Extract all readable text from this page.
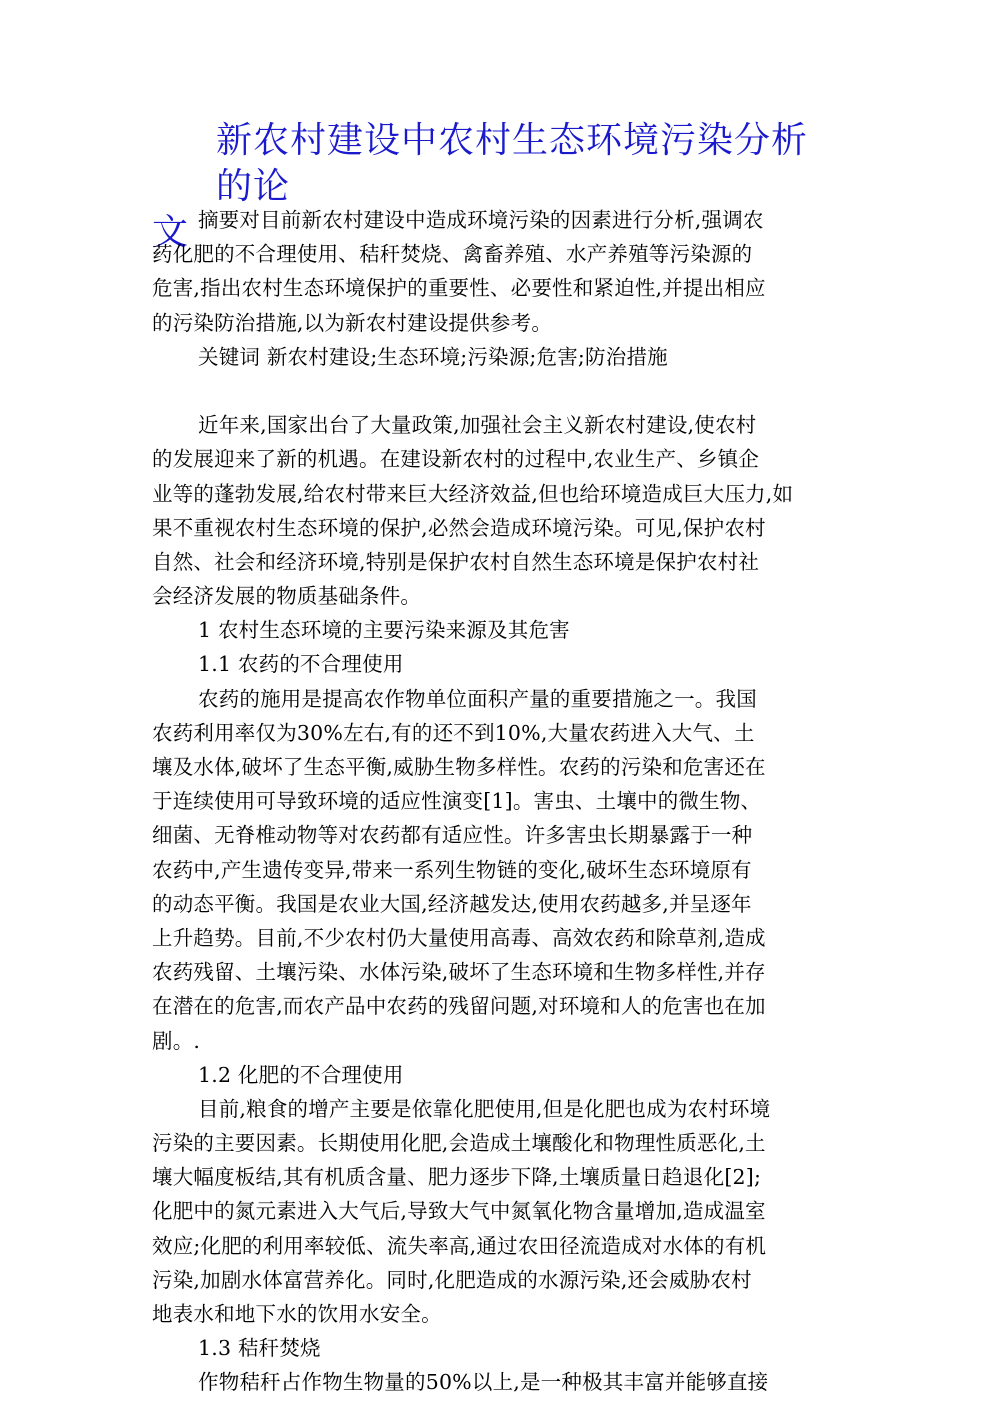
新农村建设中农村生态环境污染分析的论
文 摘要对目前新农村建设中造成环境污染的因素进行分析,强调农
药化肥的不合理使用、秸秆焚烧、禽畜养殖、水产养殖等污染源的
危害,指出农村生态环境保护的重要性、必要性和紧迫性,并提出相应
的污染防治措施,以为新农村建设提供参考。
关键词 新农村建设;生态环境;污染源;危害;防治措施
近年来,国家出台了大量政策,加强社会主义新农村建设,使农村
的发展迎来了新的机遇。在建设新农村的过程中,农业生产、乡镇企
业等的蓬勃发展,给农村带来巨大经济效益,但也给环境造成巨大压力,如
果不重视农村生态环境的保护,必然会造成环境污染。可见,保护农村
自然、社会和经济环境,特别是保护农村自然生态环境是保护农村社
会经济发展的物质基础条件。
1 农村生态环境的主要污染来源及其危害
1.1 农药的不合理使用
农药的施用是提高农作物单位面积产量的重要措施之一。我国
农药利用率仅为30%左右,有的还不到10%,大量农药进入大气、土
壤及水体,破坏了生态平衡,威胁生物多样性。农药的污染和危害还在
于连续使用可导致环境的适应性演变[1]。害虫、土壤中的微生物、
细菌、无脊椎动物等对农药都有适应性。许多害虫长期暴露于一种
农药中,产生遗传变异,带来一系列生物链的变化,破坏生态环境原有
的动态平衡。我国是农业大国,经济越发达,使用农药越多,并呈逐年
上升趋势。目前,不少农村仍大量使用高毒、高效农药和除草剂,造成
农药残留、土壤污染、水体污染,破坏了生态环境和生物多样性,并存
在潜在的危害,而农产品中农药的残留问题,对环境和人的危害也在加
剧。.
1.2 化肥的不合理使用
目前,粮食的增产主要是依靠化肥使用,但是化肥也成为农村环境
污染的主要因素。长期使用化肥,会造成土壤酸化和物理性质恶化,土
壤大幅度板结,其有机质含量、肥力逐步下降,土壤质量日趋退化[2];
化肥中的氮元素进入大气后,导致大气中氮氧化物含量增加,造成温室
效应;化肥的利用率较低、流失率高,通过农田径流造成对水体的有机
污染,加剧水体富营养化。同时,化肥造成的水源污染,还会威胁农村
地表水和地下水的饮用水安全。
1.3 秸秆焚烧
作物秸秆占作物生物量的50%以上,是一种极其丰富并能够直接
